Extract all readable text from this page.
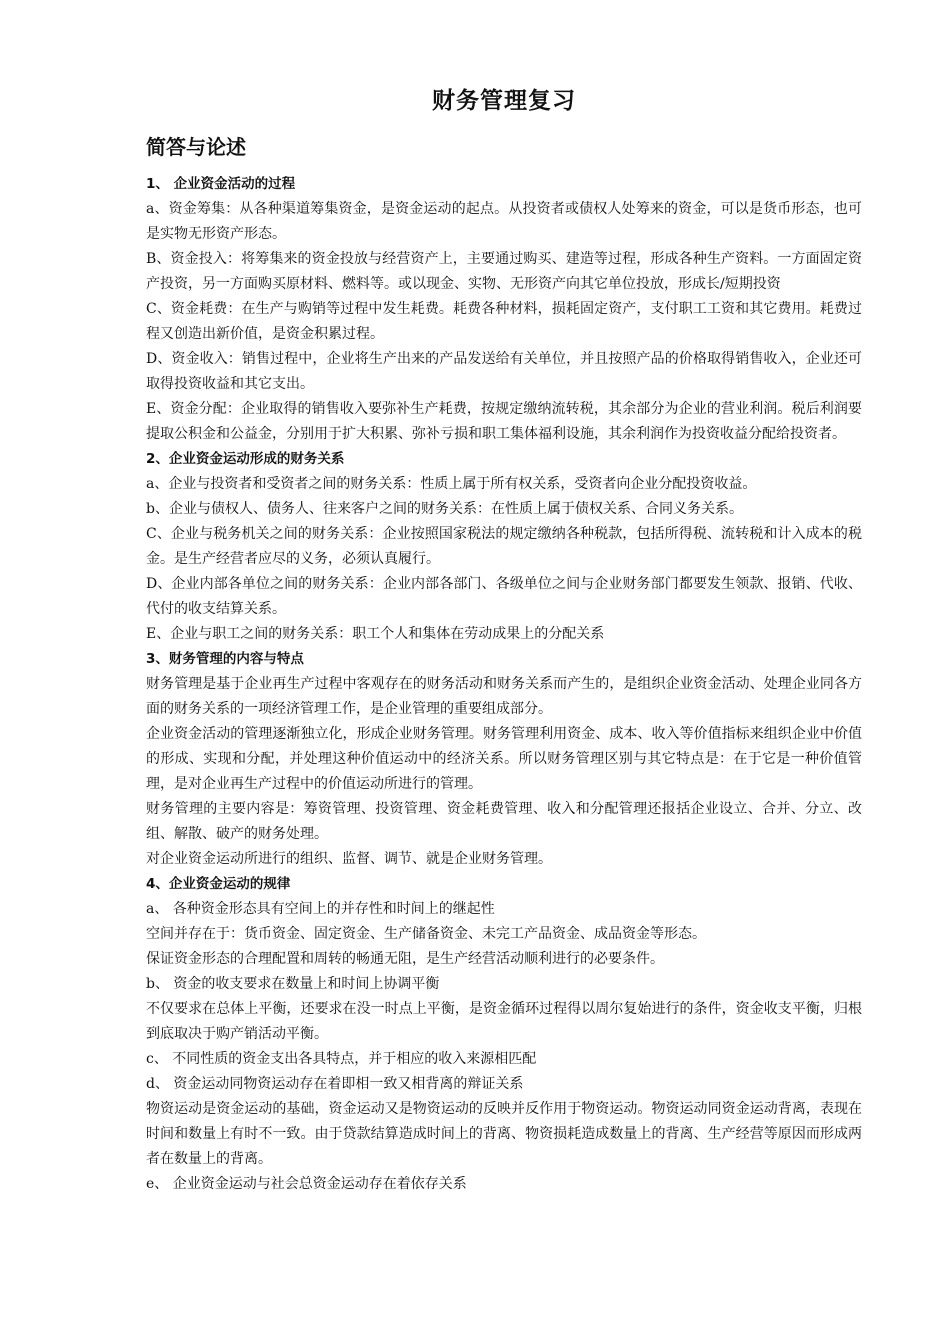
财务管理复习
简答与论述
1、 企业资金活动的过程

a、资金筹集：从各种渠道筹集资金，是资金运动的起点。从投资者或债权人处筹来的资金，可以是货币形态，也可是实物无形资产形态。

B、资金投入：将筹集来的资金投放与经营资产上，主要通过购买、建造等过程，形成各种生产资料。一方面固定资产投资，另一方面购买原材料、燃料等。或以现金、实物、无形资产向其它单位投放，形成长/短期投资

C、资金耗费：在生产与购销等过程中发生耗费。耗费各种材料，损耗固定资产，支付职工工资和其它费用。耗费过程又创造出新价值，是资金积累过程。

D、资金收入：销售过程中，企业将生产出来的产品发送给有关单位，并且按照产品的价格取得销售收入，企业还可取得投资收益和其它支出。

E、资金分配：企业取得的销售收入要弥补生产耗费，按规定缴纳流转税，其余部分为企业的营业利润。税后利润要提取公积金和公益金，分别用于扩大积累、弥补亏损和职工集体福利设施，其余利润作为投资收益分配给投资者。

2、企业资金运动形成的财务关系

a、企业与投资者和受资者之间的财务关系：性质上属于所有权关系，受资者向企业分配投资收益。

b、企业与债权人、债务人、往来客户之间的财务关系：在性质上属于债权关系、合同义务关系。

C、企业与税务机关之间的财务关系：企业按照国家税法的规定缴纳各种税款，包括所得税、流转税和计入成本的税金。是生产经营者应尽的义务，必须认真履行。

D、企业内部各单位之间的财务关系：企业内部各部门、各级单位之间与企业财务部门都要发生领款、报销、代收、代付的收支结算关系。

E、企业与职工之间的财务关系：职工个人和集体在劳动成果上的分配关系

3、财务管理的内容与特点

财务管理是基于企业再生产过程中客观存在的财务活动和财务关系而产生的，是组织企业资金活动、处理企业同各方面的财务关系的一项经济管理工作，是企业管理的重要组成部分。

企业资金活动的管理逐渐独立化，形成企业财务管理。财务管理利用资金、成本、收入等价值指标来组织企业中价值的形成、实现和分配，并处理这种价值运动中的经济关系。所以财务管理区别与其它特点是：在于它是一种价值管理，是对企业再生产过程中的价值运动所进行的管理。

财务管理的主要内容是：筹资管理、投资管理、资金耗费管理、收入和分配管理还报括企业设立、合并、分立、改组、解散、破产的财务处理。

对企业资金运动所进行的组织、监督、调节、就是企业财务管理。

4、企业资金运动的规律

a、 各种资金形态具有空间上的并存性和时间上的继起性

空间并存在于：货币资金、固定资金、生产储备资金、未完工产品资金、成品资金等形态。

保证资金形态的合理配置和周转的畅通无阻，是生产经营活动顺利进行的必要条件。

b、 资金的收支要求在数量上和时间上协调平衡

不仅要求在总体上平衡，还要求在没一时点上平衡，是资金循环过程得以周尔复始进行的条件，资金收支平衡，归根到底取决于购产销活动平衡。

c、 不同性质的资金支出各具特点，并于相应的收入来源相匹配

d、 资金运动同物资运动存在着即相一致又相背离的辩证关系

物资运动是资金运动的基础，资金运动又是物资运动的反映并反作用于物资运动。物资运动同资金运动背离，表现在时间和数量上有时不一致。由于贷款结算造成时间上的背离、物资损耗造成数量上的背离、生产经营等原因而形成两者在数量上的背离。

e、 企业资金运动与社会总资金运动存在着依存关系
